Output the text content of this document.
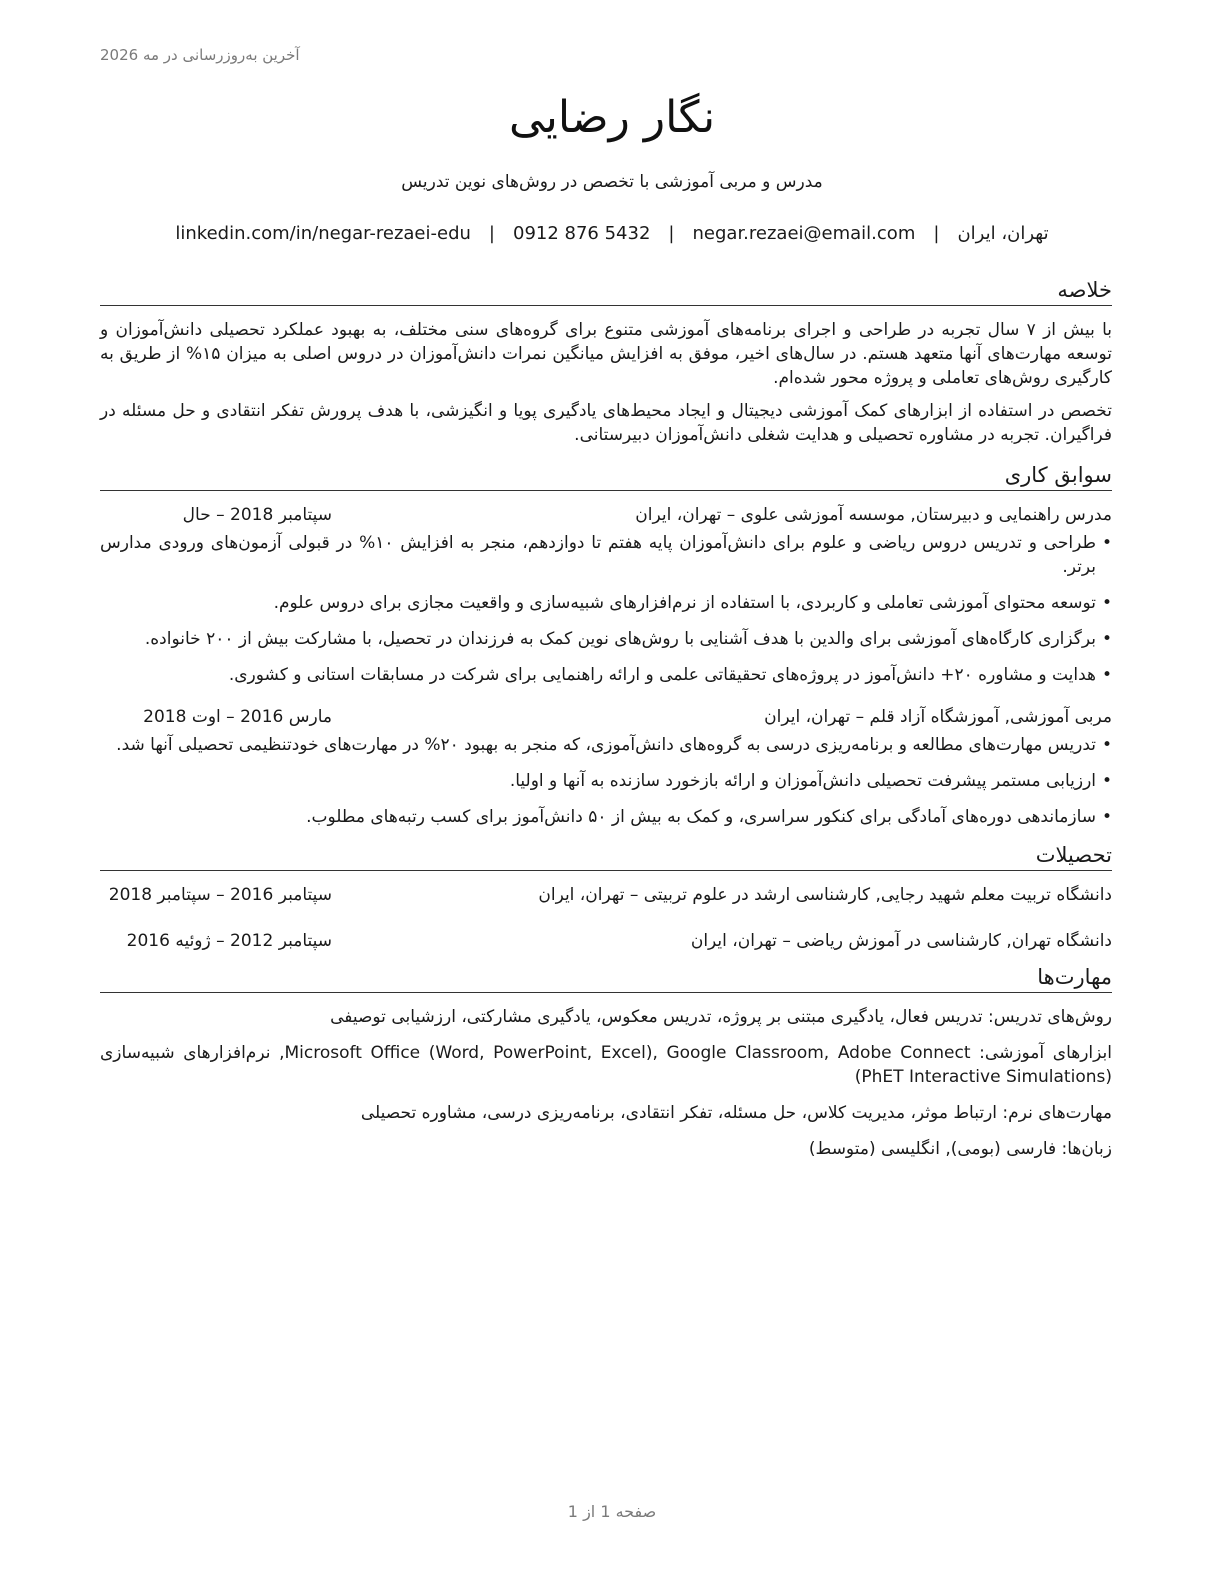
آخرین به‌روزرسانی در مه 2026
نگار رضایی
مدرس و مربی آموزشی با تخصص در روش‌های نوین تدریس
تهران، ایران|negar.rezaei@email.com|0912 876 5432|linkedin.com/in/negar-rezaei-edu
خلاصه

با بیش از ۷ سال تجربه در طراحی و اجرای برنامه‌های آموزشی متنوع برای گروه‌های سنی مختلف، به بهبود عملکرد تحصیلی دانش‌آموزان و توسعه مهارت‌های آنها متعهد هستم. در سال‌های اخیر، موفق به افزایش میانگین نمرات دانش‌آموزان در دروس اصلی به میزان ۱۵% از طریق به کارگیری روش‌های تعاملی و پروژه محور شده‌ام.

تخصص در استفاده از ابزارهای کمک آموزشی دیجیتال و ایجاد محیط‌های یادگیری پویا و انگیزشی، با هدف پرورش تفکر انتقادی و حل مسئله در فراگیران. تجربه در مشاوره تحصیلی و هدایت شغلی دانش‌آموزان دبیرستانی.

سوابق کاری
مدرس راهنمایی و دبیرستان, موسسه آموزشی علوی – تهران، ایران
سپتامبر 2018 – حال
•
طراحی و تدریس دروس ریاضی و علوم برای دانش‌آموزان پایه هفتم تا دوازدهم، منجر به افزایش ۱۰% در قبولی آزمون‌های ورودی مدارس برتر.
•
توسعه محتوای آموزشی تعاملی و کاربردی، با استفاده از نرم‌افزارهای شبیه‌سازی و واقعیت مجازی برای دروس علوم.
•
برگزاری کارگاه‌های آموزشی برای والدین با هدف آشنایی با روش‌های نوین کمک به فرزندان در تحصیل، با مشارکت بیش از ۲۰۰ خانواده.
•
هدایت و مشاوره ۲۰+ دانش‌آموز در پروژه‌های تحقیقاتی علمی و ارائه راهنمایی برای شرکت در مسابقات استانی و کشوری.
مربی آموزشی, آموزشگاه آزاد قلم – تهران، ایران
مارس 2016 – اوت 2018
•
تدریس مهارت‌های مطالعه و برنامه‌ریزی درسی به گروه‌های دانش‌آموزی، که منجر به بهبود ۲۰% در مهارت‌های خودتنظیمی تحصیلی آنها شد.
•
ارزیابی مستمر پیشرفت تحصیلی دانش‌آموزان و ارائه بازخورد سازنده به آنها و اولیا.
•
سازماندهی دوره‌های آمادگی برای کنکور سراسری، و کمک به بیش از ۵۰ دانش‌آموز برای کسب رتبه‌های مطلوب.
تحصیلات
دانشگاه تربیت معلم شهید رجایی, کارشناسی ارشد در علوم تربیتی – تهران، ایران
سپتامبر 2016 – سپتامبر 2018
دانشگاه تهران, کارشناسی در آموزش ریاضی – تهران، ایران
سپتامبر 2012 – ژوئیه 2016
مهارت‌ها

روش‌های تدریس: تدریس فعال، یادگیری مبتنی بر پروژه، تدریس معکوس، یادگیری مشارکتی، ارزشیابی توصیفی

ابزارهای آموزشی: Microsoft Office (Word, PowerPoint, Excel), Google Classroom, Adobe Connect, نرم‌افزارهای شبیه‌سازی (PhET Interactive Simulations)

مهارت‌های نرم: ارتباط موثر، مدیریت کلاس، حل مسئله، تفکر انتقادی، برنامه‌ریزی درسی، مشاوره تحصیلی

زبان‌ها: فارسی (بومی), انگلیسی (متوسط)

صفحه 1 از 1
